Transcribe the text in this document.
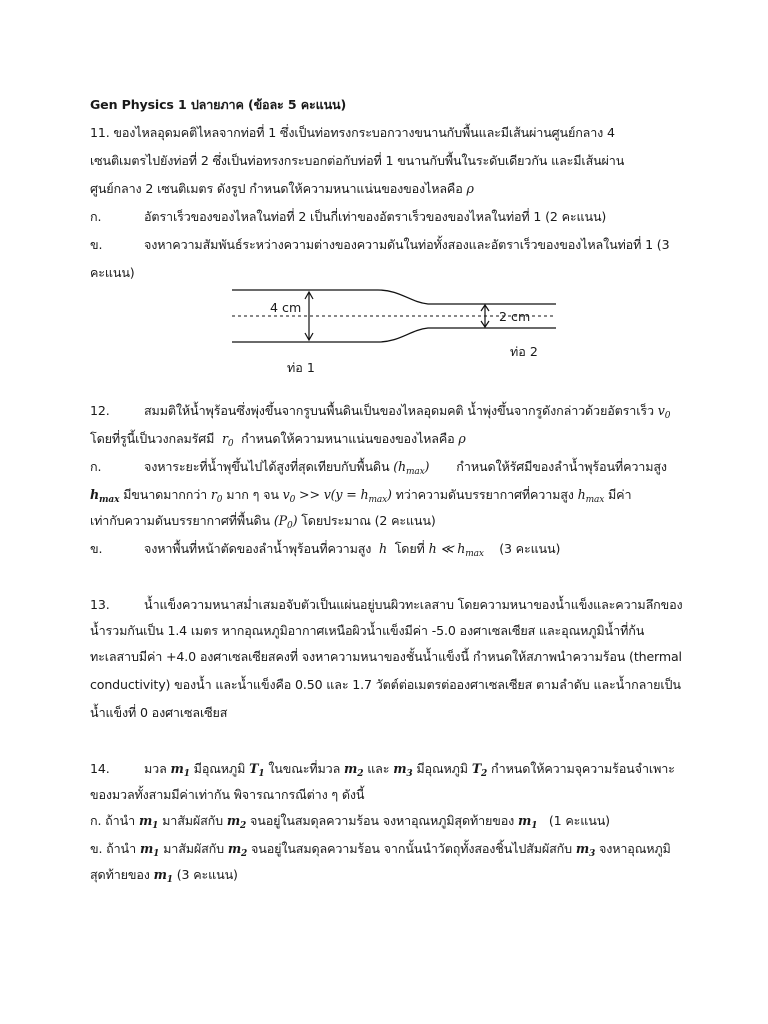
Gen Physics 1 ปลายภาค (ข้อละ 5 คะแนน)
11. ของไหลอุดมคติไหลจากท่อที่ 1 ซึ่งเป็นท่อทรงกระบอกวางขนานกับพื้นและมีเส้นผ่านศูนย์กลาง 4
เซนติเมตรไปยังท่อที่ 2 ซึ่งเป็นท่อทรงกระบอกต่อกับท่อที่ 1 ขนานกับพื้นในระดับเดียวกัน และมีเส้นผ่าน
ศูนย์กลาง 2 เซนติเมตร ดังรูป กำหนดให้ความหนาแน่นของของไหลคือ ρ
ก.	อัตราเร็วของของไหลในท่อที่ 2 เป็นกี่เท่าของอัตราเร็วของของไหลในท่อที่ 1 (2 คะแนน)
ข.	จงหาความสัมพันธ์ระหว่างความต่างของความดันในท่อทั้งสองและอัตราเร็วของของไหลในท่อที่ 1 (3
คะแนน)
4 cm
2 cm
ท่อ 1
ท่อ 2
12.	สมมติให้น้ำพุร้อนซึ่งพุ่งขึ้นจากรูบนพื้นดินเป็นของไหลอุดมคติ น้ำพุ่งขึ้นจากรูดังกล่าวด้วยอัตราเร็ว $v_0$
โดยที่รูนี้เป็นวงกลมรัศมี  $r_0$ กำหนดให้ความหนาแน่นของของไหลคือ ρ
ก.	จงหาระยะที่น้ำพุขึ้นไปได้สูงที่สุดเทียบกับพื้นดิน $(h_{max})$ กำหนดให้รัศมีของลำน้ำพุร้อนที่ความสูง
$h_{max}$ มีขนาดมากกว่า $r_0$ มาก ๆ จน $v_0 >> v(y = h_{max})$ ทว่าความดันบรรยากาศที่ความสูง $h_{max}$ มีค่า
เท่ากับความดันบรรยากาศที่พื้นดิน $(P_0)$ โดยประมาณ (2 คะแนน)
ข.	จงหาพื้นที่หน้าตัดของลำน้ำพุร้อนที่ความสูง  h  โดยที่ h ≪ $h_{max}$ (3 คะแนน)
13.	น้ำแข็งความหนาสม่ำเสมอจับตัวเป็นแผ่นอยู่บนผิวทะเลสาบ โดยความหนาของน้ำแข็งและความลึกของ
น้ำรวมกันเป็น 1.4 เมตร หากอุณหภูมิอากาศเหนือผิวน้ำแข็งมีค่า -5.0 องศาเซลเซียส และอุณหภูมิน้ำที่ก้น
ทะเลสาบมีค่า +4.0 องศาเซลเซียสคงที่ จงหาความหนาของชั้นน้ำแข็งนี้ กำหนดให้สภาพนำความร้อน (thermal
conductivity) ของน้ำ และน้ำแข็งคือ 0.50 และ 1.7 วัตต์ต่อเมตรต่อองศาเซลเซียส ตามลำดับ และน้ำกลายเป็น
น้ำแข็งที่ 0 องศาเซลเซียส
14.	มวล $m_1$ มีอุณหภูมิ $T_1$ ในขณะที่มวล $m_2$ และ $m_3$ มีอุณหภูมิ $T_2$ กำหนดให้ความจุความร้อนจำเพาะ
ของมวลทั้งสามมีค่าเท่ากัน พิจารณากรณีต่าง ๆ ดังนี้
ก. ถ้านำ $m_1$ มาสัมผัสกับ $m_2$ จนอยู่ในสมดุลความร้อน จงหาอุณหภูมิสุดท้ายของ $m_1$ (1 คะแนน)
ข. ถ้านำ $m_1$ มาสัมผัสกับ $m_2$ จนอยู่ในสมดุลความร้อน จากนั้นนำวัตถุทั้งสองชิ้นไปสัมผัสกับ $m_3$ จงหาอุณหภูมิ
สุดท้ายของ $m_1$ (3 คะแนน)
